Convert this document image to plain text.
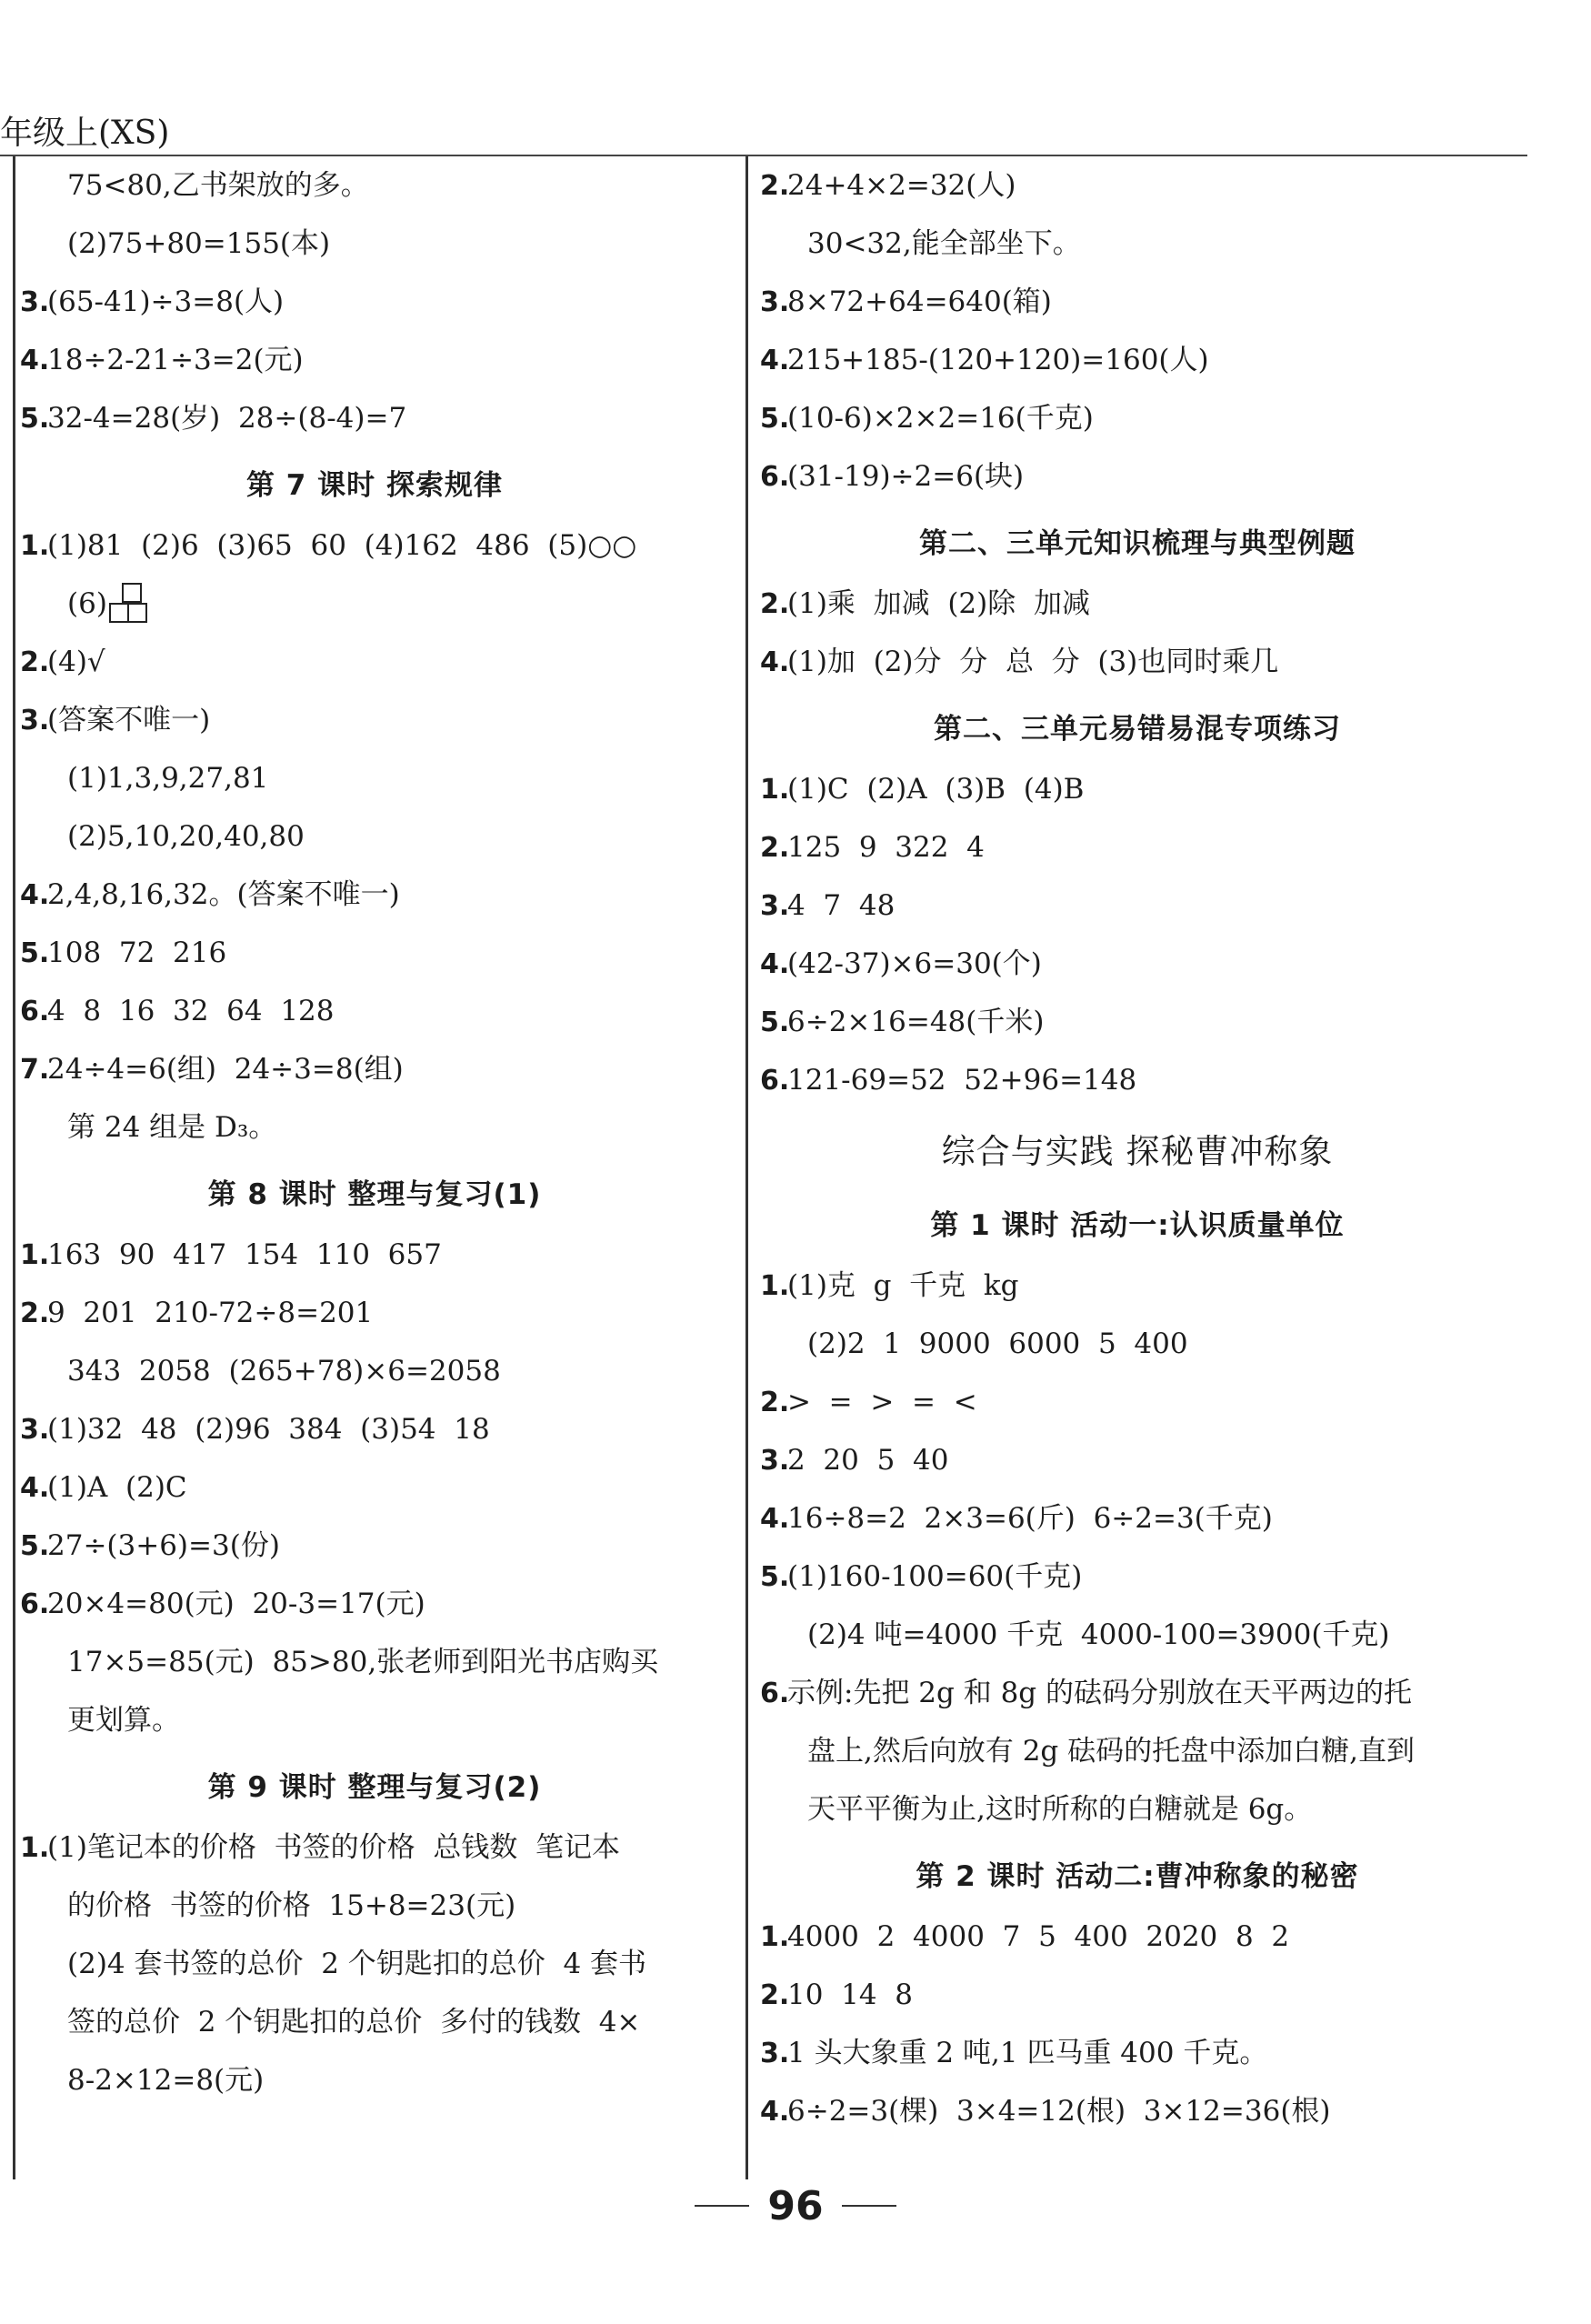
年级上(XS)
75<80,乙书架放的多。
(2)75+80=155(本)
3.
(65-41)÷3=8(人)
4.
18÷2-21÷3=2(元)
5.
32-4=28(岁)  28÷(8-4)=7
第 7 课时 探索规律
1.
(1)81  (2)6  (3)65  60  (4)162  486  (5)○○
(6)
2.
(4)√
3.
(答案不唯一)
(1)1,3,9,27,81
(2)5,10,20,40,80
4.
2,4,8,16,32。(答案不唯一)
5.
108  72  216
6.
4  8  16  32  64  128
7.
24÷4=6(组)  24÷3=8(组)
第 24 组是 D₃。
第 8 课时 整理与复习(1)
1.
163  90  417  154  110  657
2.
9  201  210-72÷8=201
343  2058  (265+78)×6=2058
3.
(1)32  48  (2)96  384  (3)54  18
4.
(1)A  (2)C
5.
27÷(3+6)=3(份)
6.
20×4=80(元)  20-3=17(元)
17×5=85(元)  85>80,张老师到阳光书店购买
更划算。
第 9 课时 整理与复习(2)
1.
(1)笔记本的价格  书签的价格  总钱数  笔记本
的价格  书签的价格  15+8=23(元)
(2)4 套书签的总价  2 个钥匙扣的总价  4 套书
签的总价  2 个钥匙扣的总价  多付的钱数  4×
8-2×12=8(元)
2.
24+4×2=32(人)
30<32,能全部坐下。
3.
8×72+64=640(箱)
4.
215+185-(120+120)=160(人)
5.
(10-6)×2×2=16(千克)
6.
(31-19)÷2=6(块)
第二、三单元知识梳理与典型例题
2.
(1)乘  加减  (2)除  加减
4.
(1)加  (2)分  分  总  分  (3)也同时乘几
第二、三单元易错易混专项练习
1.
(1)C  (2)A  (3)B  (4)B
2.
125  9  322  4
3.
4  7  48
4.
(42-37)×6=30(个)
5.
6÷2×16=48(千米)
6.
121-69=52  52+96=148
综合与实践 探秘曹冲称象
第 1 课时 活动一:认识质量单位
1.
(1)克  g  千克  kg
(2)2  1  9000  6000  5  400
2.
>  =  >  =  <
3.
2  20  5  40
4.
16÷8=2  2×3=6(斤)  6÷2=3(千克)
5.
(1)160-100=60(千克)
(2)4 吨=4000 千克  4000-100=3900(千克)
6.
示例:先把 2g 和 8g 的砝码分别放在天平两边的托
盘上,然后向放有 2g 砝码的托盘中添加白糖,直到
天平平衡为止,这时所称的白糖就是 6g。
第 2 课时 活动二:曹冲称象的秘密
1.
4000  2  4000  7  5  400  2020  8  2
2.
10  14  8
3.
1 头大象重 2 吨,1 匹马重 400 千克。
4.
6÷2=3(棵)  3×4=12(根)  3×12=36(根)
96
